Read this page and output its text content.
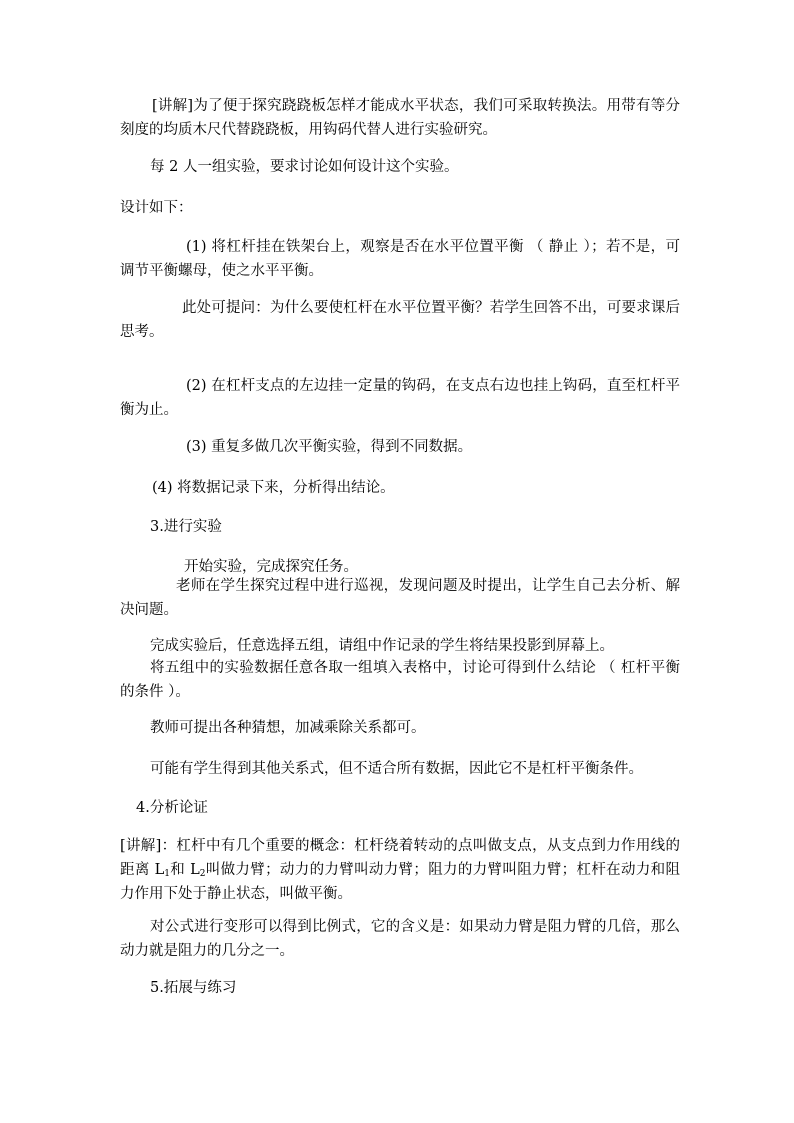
[讲解]为了便于探究跷跷板怎样才能成水平状态，我们可采取转换法。用带有等分刻度的均质木尺代替跷跷板，用钩码代替人进行实验研究。
每 2 人一组实验，要求讨论如何设计这个实验。
设计如下：
(1) 将杠杆挂在铁架台上，观察是否在水平位置平衡 （ 静止 ）；若不是，可调节平衡螺母，使之水平平衡。
此处可提问：为什么要使杠杆在水平位置平衡？若学生回答不出，可要求课后思考。
(2) 在杠杆支点的左边挂一定量的钩码，在支点右边也挂上钩码，直至杠杆平衡为止。
(3) 重复多做几次平衡实验，得到不同数据。
(4) 将数据记录下来，分析得出结论。
3.进行实验
开始实验，完成探究任务。
老师在学生探究过程中进行巡视，发现问题及时提出，让学生自己去分析、解决问题。
完成实验后，任意选择五组，请组中作记录的学生将结果投影到屏幕上。
将五组中的实验数据任意各取一组填入表格中，讨论可得到什么结论 （ 杠杆平衡的条件 ）。
教师可提出各种猜想，加减乘除关系都可。
可能有学生得到其他关系式，但不适合所有数据，因此它不是杠杆平衡条件。
4.分析论证
[讲解]：杠杆中有几个重要的概念：杠杆绕着转动的点叫做支点，从支点到力作用线的距离 $L_1$和 $L_2$叫做力臂；动力的力臂叫动力臂；阻力的力臂叫阻力臂；杠杆在动力和阻力作用下处于静止状态，叫做平衡。
对公式进行变形可以得到比例式，它的含义是：如果动力臂是阻力臂的几倍，那么动力就是阻力的几分之一。
5.拓展与练习
